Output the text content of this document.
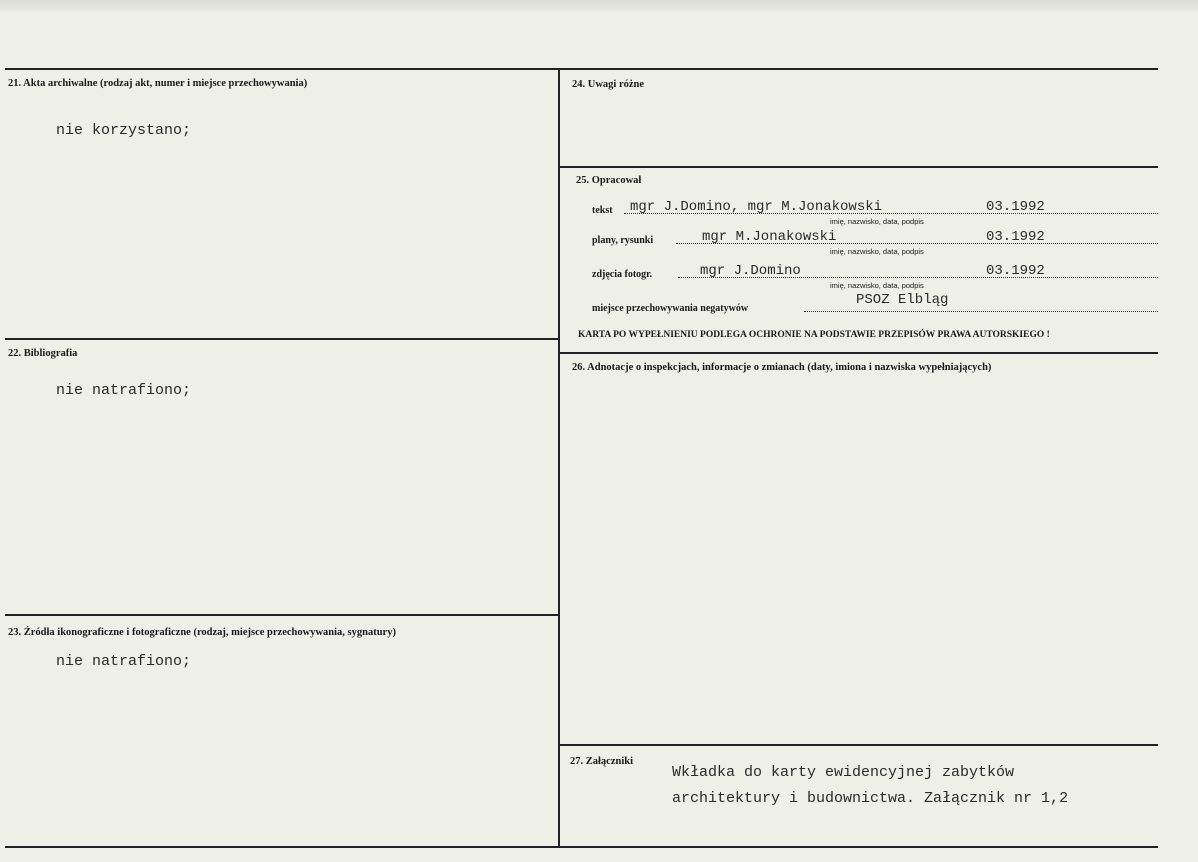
21. Akta archiwalne (rodzaj akt, numer i miejsce przechowywania)
nie korzystano;
22. Bibliografia
nie natrafiono;
23. Źródła ikonograficzne i fotograficzne (rodzaj, miejsce przechowywania, sygnatury)
nie natrafiono;
24. Uwagi różne
25. Opracował
tekst mgr J.Domino, mgr M.Jonakowski	03.1992
imię, nazwisko, data, podpis
plany, rysunki	mgr M.Jonakowski	03.1992
imię, nazwisko, data, podpis
zdjęcia fotogr.	mgr J.Domino	03.1992
imię, nazwisko, data, podpis
miejsce przechowywania negatywów
PSOZ Elbląg
KARTA PO WYPEŁNIENIU PODLEGA OCHRONIE NA PODSTAWIE PRZEPISÓW PRAWA AUTORSKIEGO !
26. Adnotacje o inspekcjach, informacje o zmianach (daty, imiona i nazwiska wypełniających)
27. Załączniki
Wkładka do karty ewidencyjnej zabytków
architektury i budownictwa. Załącznik nr 1,2
